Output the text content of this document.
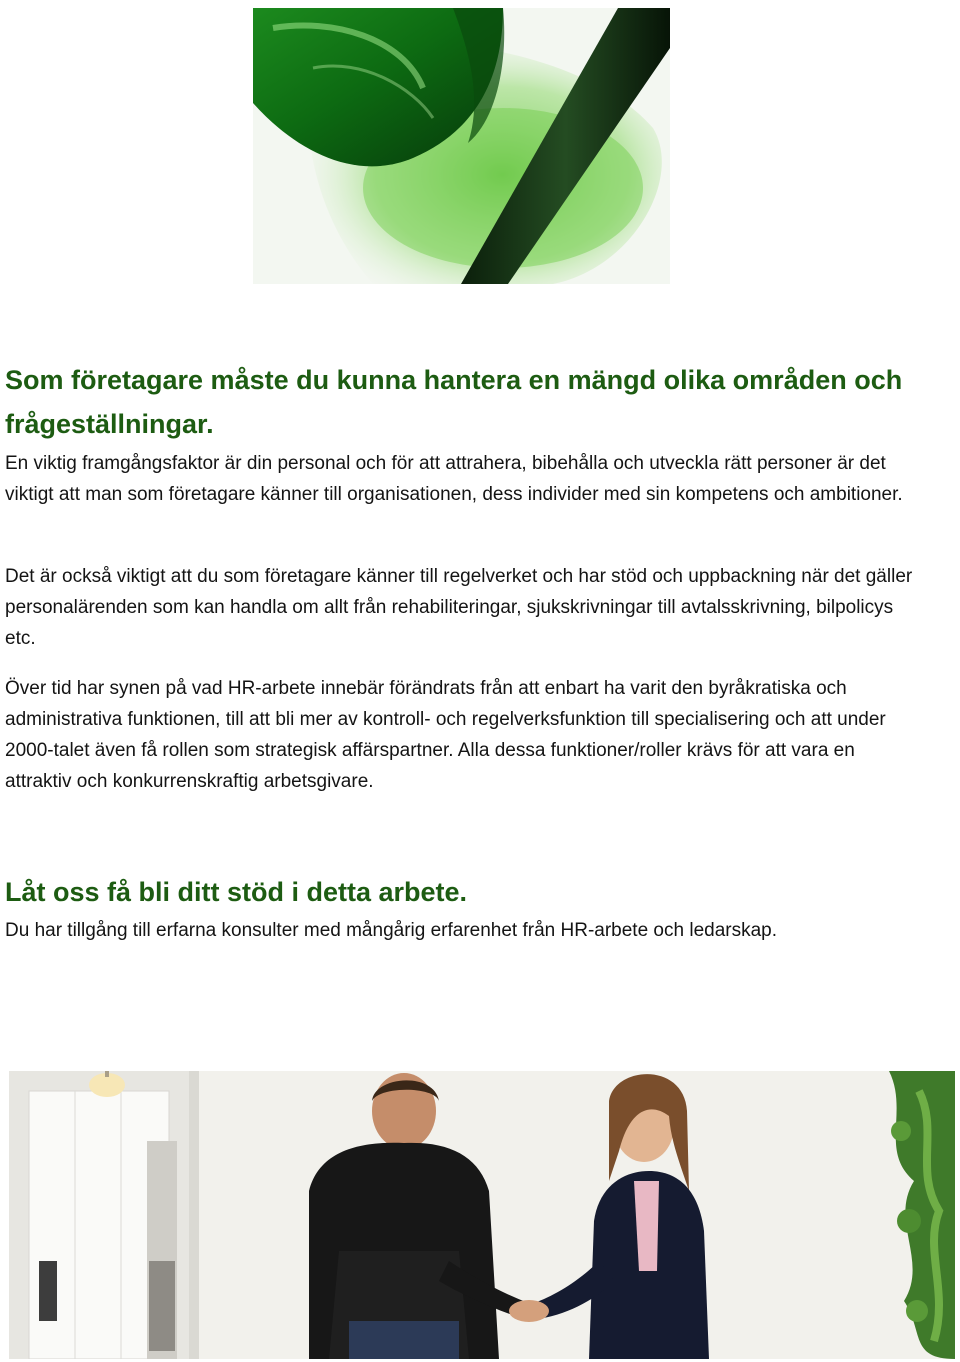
Som företagare måste du kunna hantera en mängd olika områden och frågeställningar.

En viktig framgångsfaktor är din personal och för att attrahera, bibehålla och utveckla rätt personer är det viktigt att man som företagare känner till organisationen, dess individer med sin kompetens och ambitioner.

Det är också viktigt att du som företagare känner till regelverket och har stöd och uppbackning när det gäller personalärenden som kan handla om allt från rehabiliteringar, sjukskrivningar till avtalsskrivning, bilpolicys etc.

Över tid har synen på vad HR-arbete innebär förändrats från att enbart ha varit den byråkratiska och administrativa funktionen, till att bli mer av kontroll- och regelverksfunktion till specialisering och att under 2000-talet även få rollen som strategisk affärspartner. Alla dessa funktioner/roller krävs för att vara en attraktiv och konkurrenskraftig arbetsgivare.

Låt oss få bli ditt stöd i detta arbete.

Du har tillgång till erfarna konsulter med mångårig erfarenhet från HR-arbete och ledarskap.
